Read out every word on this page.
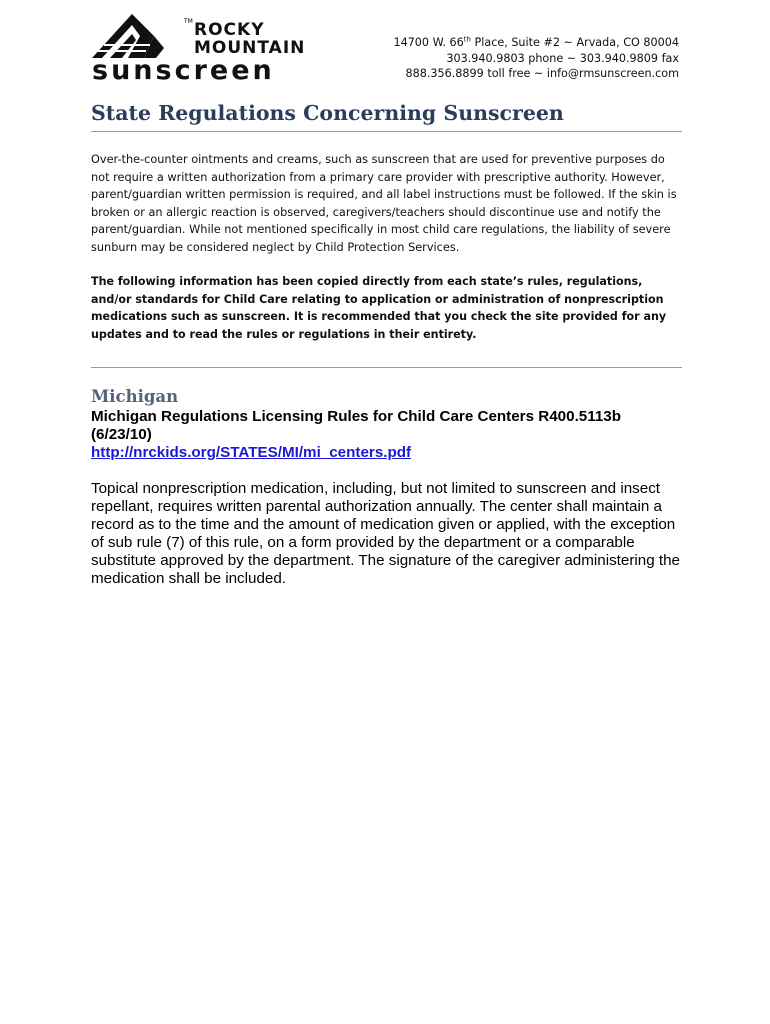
TM ROCKY
MOUNTAIN
sunscreen
14700 W. 66th Place, Suite #2 ~ Arvada, CO 80004
303.940.9803 phone ~ 303.940.9809 fax
888.356.8899 toll free ~ info@rmsunscreen.com
State Regulations Concerning Sunscreen

Over-the-counter ointments and creams, such as sunscreen that are used for preventive purposes do not require a written authorization from a primary care provider with prescriptive authority. However, parent/guardian written permission is required, and all label instructions must be followed. If the skin is broken or an allergic reaction is observed, caregivers/teachers should discontinue use and notify the parent/guardian. While not mentioned specifically in most child care regulations, the liability of severe sunburn may be considered neglect by Child Protection Services.

The following information has been copied directly from each state’s rules, regulations, and/or standards for Child Care relating to application or administration of nonprescription medications such as sunscreen. It is recommended that you check the site provided for any updates and to read the rules or regulations in their entirety.

Michigan

Michigan Regulations Licensing Rules for Child Care Centers R400.5113b (6/23/10)

http://nrckids.org/STATES/MI/mi_centers.pdf

Topical nonprescription medication, including, but not limited to sunscreen and insect repellant, requires written parental authorization annually. The center shall maintain a record as to the time and the amount of medication given or applied, with the exception of sub rule (7) of this rule, on a form provided by the department or a comparable substitute approved by the department. The signature of the caregiver administering the medication shall be included.
